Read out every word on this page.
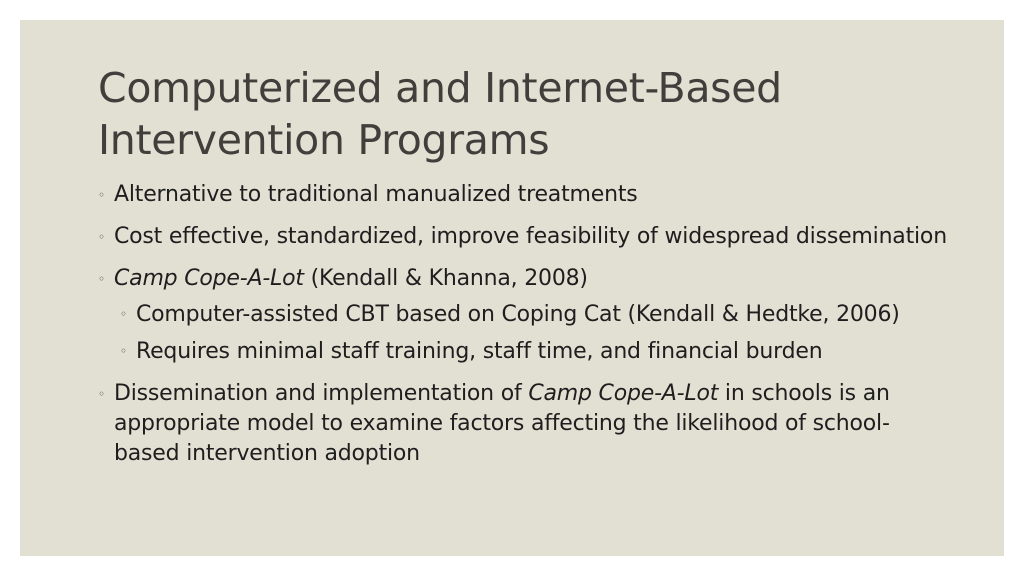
Computerized and Internet-Based
Intervention Programs
◦ Alternative to traditional manualized treatments
◦ Cost effective, standardized, improve feasibility of widespread dissemination
◦ Camp Cope-A-Lot (Kendall & Khanna, 2008)
◦ Computer-assisted CBT based on Coping Cat (Kendall & Hedtke, 2006)
◦ Requires minimal staff training, staff time, and financial burden
◦ Dissemination and implementation of Camp Cope-A-Lot in schools is an appropriate model to examine factors affecting the likelihood of school-based intervention adoption
